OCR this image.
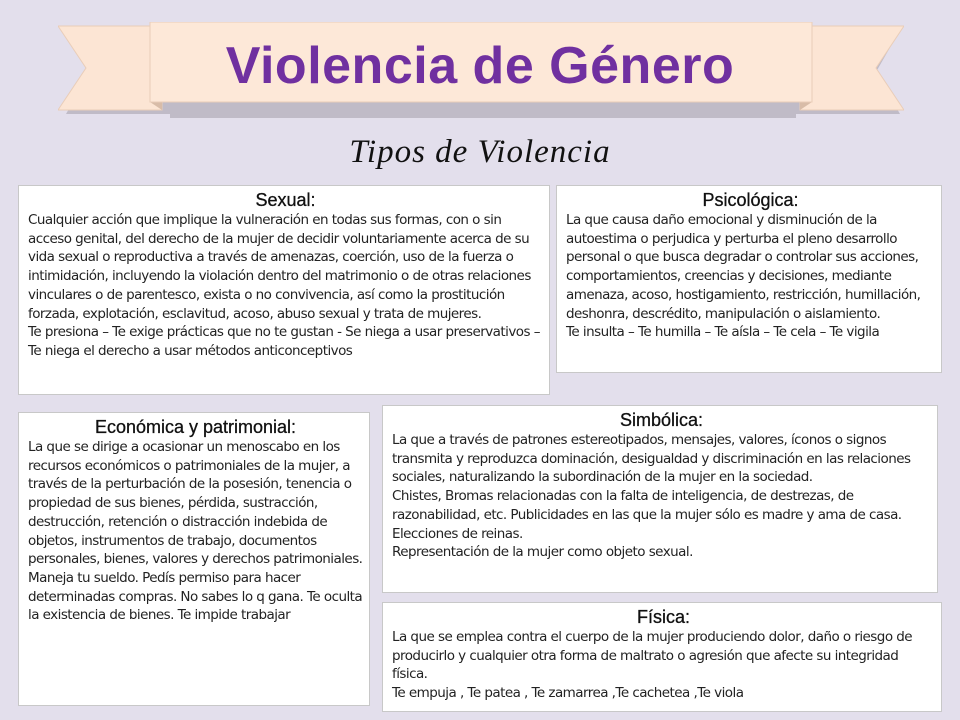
Violencia de Género
Tipos de Violencia
Sexual:

Cualquier acción que implique la vulneración en todas sus formas, con o sin acceso genital, del derecho de la mujer de decidir voluntariamente acerca de su vida sexual o reproductiva a través de amenazas, coerción, uso de la fuerza o intimidación, incluyendo la violación dentro del matrimonio o de otras relaciones vinculares o de parentesco, exista o no convivencia, así como la prostitución forzada, explotación, esclavitud, acoso, abuso sexual y trata de mujeres.

Te presiona – Te exige prácticas que no te gustan - Se niega a usar preservativos – Te niega el derecho a usar métodos anticonceptivos

Psicológica:

La que causa daño emocional y disminución de la autoestima o perjudica y perturba el pleno desarrollo personal o que busca degradar o controlar sus acciones, comportamientos, creencias y decisiones, mediante amenaza, acoso, hostigamiento, restricción, humillación, deshonra, descrédito, manipulación o aislamiento.

Te insulta – Te humilla – Te aísla – Te cela – Te vigila

Económica y patrimonial:

La que se dirige a ocasionar un menoscabo en los recursos económicos o patrimoniales de la mujer, a través de la perturbación de la posesión, tenencia o propiedad de sus bienes, pérdida, sustracción, destrucción, retención o distracción indebida de objetos, instrumentos de trabajo, documentos personales, bienes, valores y derechos patrimoniales. Maneja tu sueldo. Pedís permiso para hacer determinadas compras. No sabes lo q gana. Te oculta la existencia de bienes. Te impide trabajar

Simbólica:

La que a través de patrones estereotipados, mensajes, valores, íconos o signos transmita y reproduzca dominación, desigualdad y discriminación en las relaciones sociales, naturalizando la subordinación de la mujer en la sociedad.

Chistes, Bromas relacionadas con la falta de inteligencia, de destrezas, de razonabilidad, etc. Publicidades en las que la mujer sólo es madre y ama de casa. Elecciones de reinas.

Representación de la mujer como objeto sexual.

Física:

La que se emplea contra el cuerpo de la mujer produciendo dolor, daño o riesgo de producirlo y cualquier otra forma de maltrato o agresión que afecte su integridad física.

Te empuja , Te patea , Te zamarrea ,Te cachetea ,Te viola
